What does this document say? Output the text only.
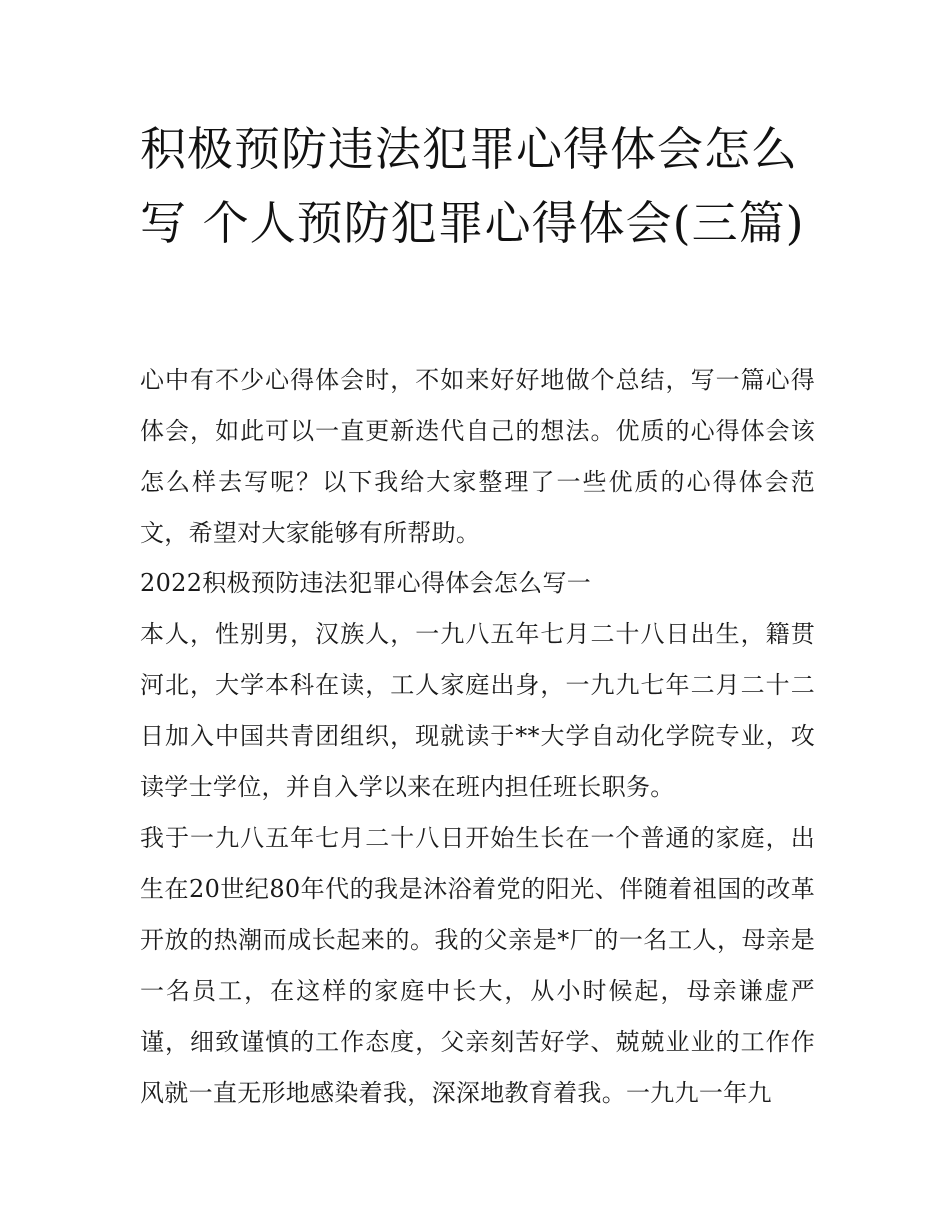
积极预防违法犯罪心得体会怎么写 个人预防犯罪心得体会(三篇)

心中有不少心得体会时，不如来好好地做个总结，写一篇心得体会，如此可以一直更新迭代自己的想法。优质的心得体会该怎么样去写呢？以下我给大家整理了一些优质的心得体会范文，希望对大家能够有所帮助。

2022积极预防违法犯罪心得体会怎么写一

本人，性别男，汉族人，一九八五年七月二十八日出生，籍贯河北，大学本科在读，工人家庭出身，一九九七年二月二十二日加入中国共青团组织，现就读于**大学自动化学院专业，攻读学士学位，并自入学以来在班内担任班长职务。

我于一九八五年七月二十八日开始生长在一个普通的家庭，出生在20世纪80年代的我是沐浴着党的阳光、伴随着祖国的改革开放的热潮而成长起来的。我的父亲是*厂的一名工人，母亲是一名员工，在这样的家庭中长大，从小时候起，母亲谦虚严谨，细致谨慎的工作态度，父亲刻苦好学、兢兢业业的工作作风就一直无形地感染着我，深深地教育着我。一九九一年九
